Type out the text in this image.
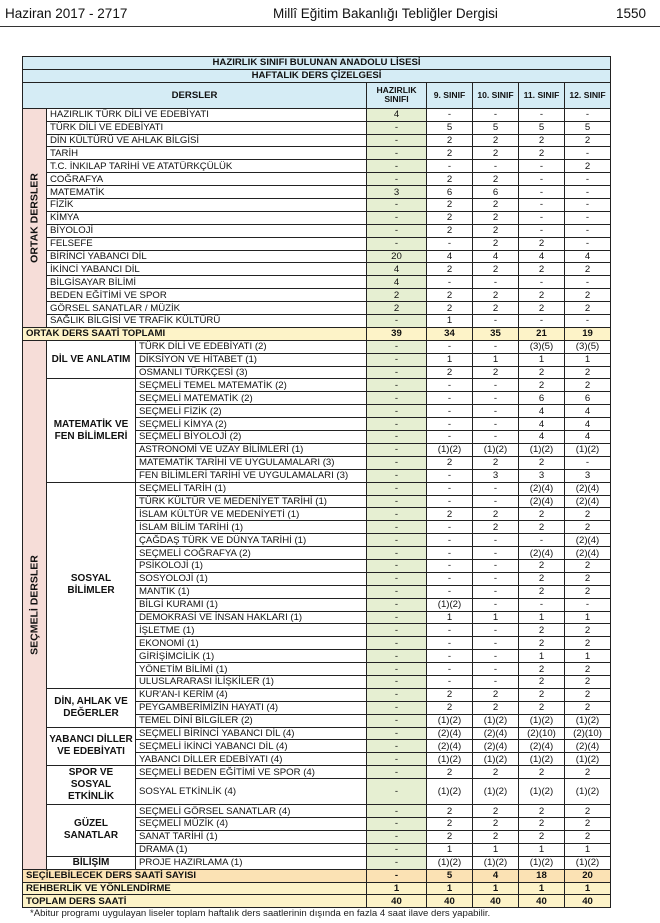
Haziran 2017 - 2717	Millî Eğitim Bakanlığı Tebliğler Dergisi	1550
HAZIRLIK SINIFI BULUNAN ANADOLU LİSESİ							
HAFTALIK DERS ÇİZELGESİ							
DERSLER			HAZIRLIK SINIFI	9. SINIF	10. SINIF	11. SINIF	12. SINIF

ORTAK DERSLER	HAZIRLIK TÜRK DİLİ VE EDEBİYATI		4	-	-	-	-
	TÜRK DİLİ VE EDEBİYATI		-	5	5	5	5
	DİN KÜLTÜRÜ VE AHLAK BİLGİSİ		-	2	2	2	2
	TARİH		-	2	2	2	-
	T.C. İNKILAP TARİHİ VE ATATÜRKÇÜLÜK		-	-	-	-	2
	COĞRAFYA		-	2	2	-	-
	MATEMATİK		3	6	6	-	-
	FİZİK		-	2	2	-	-
	KİMYA		-	2	2	-	-
	BİYOLOJİ		-	2	2	-	-
	FELSEFE		-	-	2	2	-
	BİRİNCİ YABANCI DİL		20	4	4	4	4
	İKİNCİ YABANCI DİL		4	2	2	2	2
	BİLGİSAYAR BİLİMİ		4	-	-	-	-
	BEDEN EĞİTİMİ VE SPOR		2	2	2	2	2
	GÖRSEL SANATLAR / MÜZİK		2	2	2	2	2
	SAĞLIK BİLGİSİ VE TRAFİK KÜLTÜRÜ		-	1	-	-	-
ORTAK DERS SAATİ TOPLAMI			39	34	35	21	19

SEÇMELİ DERSLER	DİL VE ANLATIM	TÜRK DİLİ VE EDEBİYATI (2)	-	-	-	(3)(5)	(3)(5)
		DİKSİYON VE HİTABET (1)	-	1	1	1	1
		OSMANLI TÜRKÇESİ (3)	-	2	2	2	2
	MATEMATİK VE FEN BİLİMLERİ	SEÇMELİ TEMEL MATEMATİK (2)	-	-	-	2	2
		SEÇMELİ MATEMATİK (2)	-	-	-	6	6
		SEÇMELİ FİZİK (2)	-	-	-	4	4
		SEÇMELİ KİMYA (2)	-	-	-	4	4
		SEÇMELİ BİYOLOJİ (2)	-	-	-	4	4
		ASTRONOMİ VE UZAY BİLİMLERİ (1)	-	(1)(2)	(1)(2)	(1)(2)	(1)(2)
		MATEMATİK TARİHİ VE UYGULAMALARI (3)	-	2	2	2	-
		FEN BİLİMLERİ TARİHİ VE UYGULAMALARI (3)	-	-	3	3	3
	SOSYAL BİLİMLER	SEÇMELİ TARİH (1)	-	-	-	(2)(4)	(2)(4)
		TÜRK KÜLTÜR VE MEDENİYET TARİHİ (1)	-	-	-	(2)(4)	(2)(4)
		İSLAM KÜLTÜR VE MEDENİYETİ (1)	-	2	2	2	2
		İSLAM BİLİM TARİHİ (1)	-	-	2	2	2
		ÇAĞDAŞ TÜRK VE DÜNYA TARİHİ (1)	-	-	-	-	(2)(4)
		SEÇMELİ COĞRAFYA (2)	-	-	-	(2)(4)	(2)(4)
		PSİKOLOJİ (1)	-	-	-	2	2
		SOSYOLOJİ (1)	-	-	-	2	2
		MANTIK (1)	-	-	-	2	2
		BİLGİ KURAMI (1)	-	(1)(2)	-	-	-
		DEMOKRASİ VE İNSAN HAKLARI (1)	-	1	1	1	1
		İŞLETME (1)	-	-	-	2	2
		EKONOMİ (1)	-	-	-	2	2
		GİRİŞİMCİLİK (1)	-	-	-	1	1
		YÖNETİM BİLİMİ (1)	-	-	-	2	2
		ULUSLARARASI İLİŞKİLER (1)	-	-	-	2	2
	DİN, AHLAK VE DEĞERLER	KUR'AN-I KERİM (4)	-	2	2	2	2
		PEYGAMBERİMİZİN HAYATI (4)	-	2	2	2	2
		TEMEL DİNİ BİLGİLER (2)	-	(1)(2)	(1)(2)	(1)(2)	(1)(2)
	YABANCI DİLLER VE EDEBİYATI	SEÇMELİ BİRİNCİ YABANCI DİL (4)	-	(2)(4)	(2)(4)	(2)(10)	(2)(10)
		SEÇMELİ İKİNCİ YABANCI DİL (4)	-	(2)(4)	(2)(4)	(2)(4)	(2)(4)
		YABANCI DİLLER EDEBİYATI (4)	-	(1)(2)	(1)(2)	(1)(2)	(1)(2)
	SPOR VE SOSYAL ETKİNLİK	SEÇMELİ BEDEN EĞİTİMİ VE SPOR (4)	-	2	2	2	2
		SOSYAL ETKİNLİK (4)	-	(1)(2)	(1)(2)	(1)(2)	(1)(2)
	GÜZEL SANATLAR	SEÇMELİ GÖRSEL SANATLAR (4)	-	2	2	2	2
		SEÇMELİ MÜZİK (4)	-	2	2	2	2
		SANAT TARİHİ (1)	-	2	2	2	2
		DRAMA (1)	-	1	1	1	1
	BİLİŞİM	PROJE HAZIRLAMA (1)	-	(1)(2)	(1)(2)	(1)(2)	(1)(2)
SEÇİLEBİLECEK DERS SAATİ SAYISI			-	5	4	18	20
REHBERLİK VE YÖNLENDİRME			1	1	1	1	1
TOPLAM DERS SAATİ			40	40	40	40	40
*Abitur programı uygulayan liseler toplam haftalık ders saatlerinin dışında en fazla 4 saat ilave ders yapabilir.
